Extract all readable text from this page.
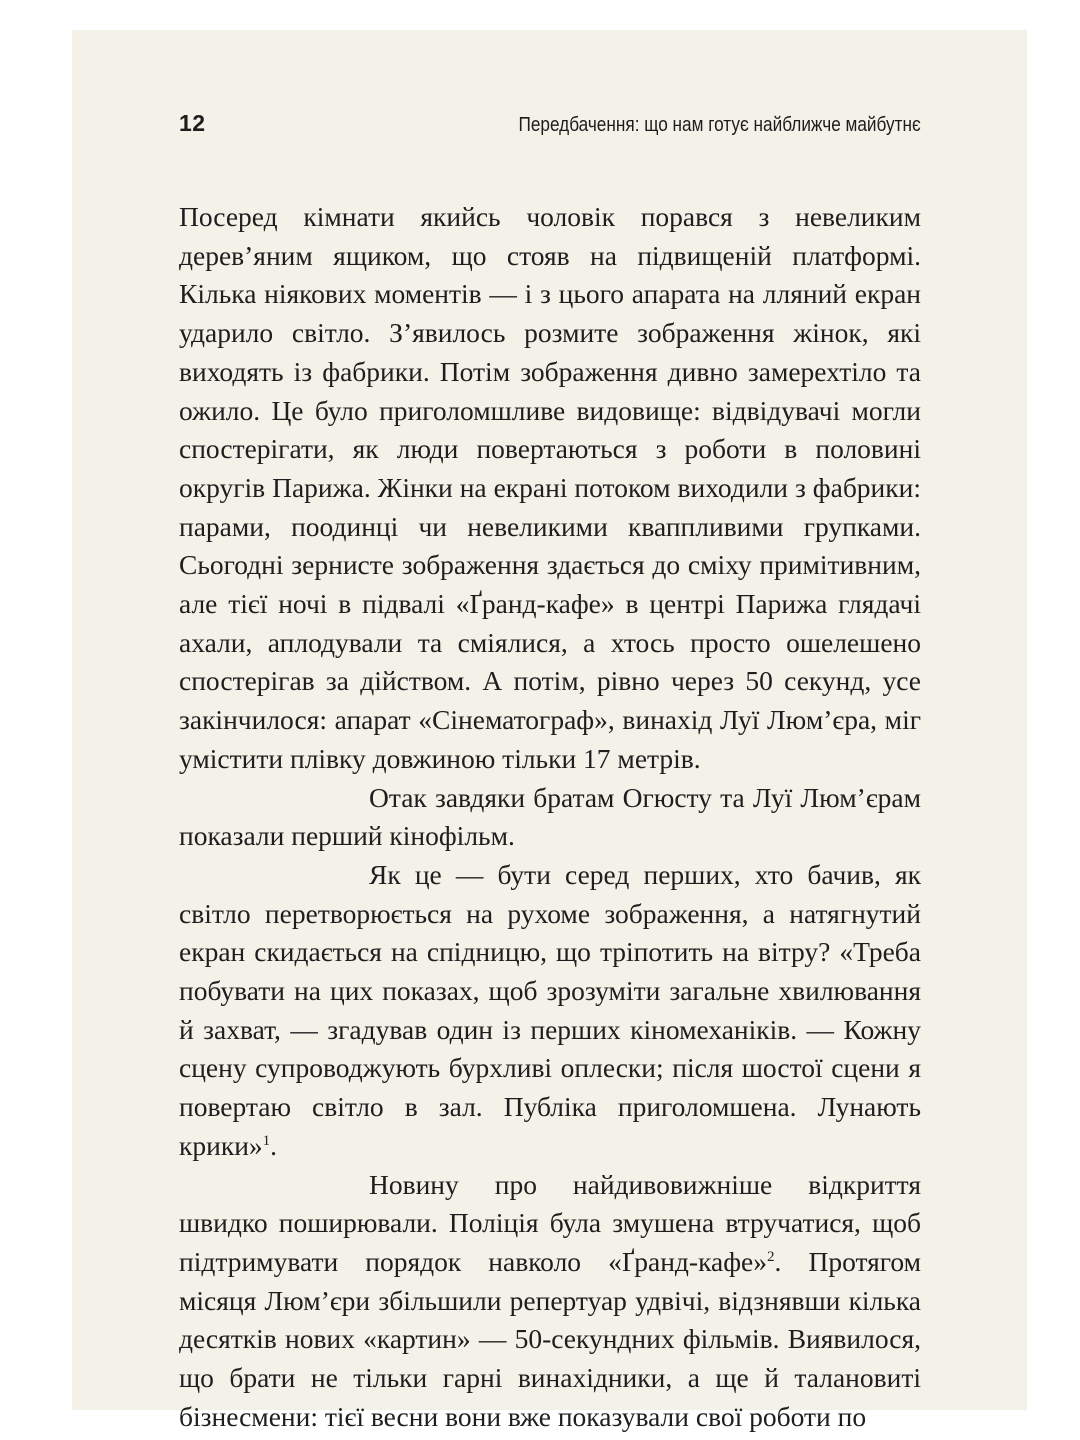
12	Передбачення: що нам готує найближче майбутнє

Посеред кімнати якийсь чоловік порався з невеликим дерев’яним ящиком, що стояв на підвищеній платформі. Кілька ніякових моментів — і з цього апарата на лляний екран ударило світло. З’явилось розмите зображення жінок, які виходять із фабрики. Потім зображення дивно замерехтіло та ожило. Це було приголомшливе видовище: відвідувачі могли спостерігати, як люди повертаються з роботи в половині округів Парижа. Жінки на екрані потоком виходили з фабрики: парами, поодинці чи невеликими кваппливими групками. Сьогодні зернисте зображення здається до сміху примітивним, але тієї ночі в підвалі «Ґранд-кафе» в центрі Парижа глядачі ахали, аплодували та сміялися, а хтось просто ошелешено спостерігав за дійством. А потім, рівно через 50 секунд, усе закінчилося: апарат «Сінематограф», винахід Луї Люм’єра, міг умістити плівку довжиною тільки 17 метрів.

Отак завдяки братам Огюсту та Луї Люм’єрам показали перший кінофільм.

Як це — бути серед перших, хто бачив, як світло перетворюється на рухоме зображення, а натягнутий екран скидається на спідницю, що тріпотить на вітру? «Треба побувати на цих показах, щоб зрозуміти загальне хвилювання й захват, — згадував один із перших кіномеханіків. — Кожну сцену супроводжують бурхливі оплески; після шостої сцени я повертаю світло в зал. Публіка приголомшена. Лунають крики»$^1$.

Новину про найдивовижніше відкриття швидко поширювали. Поліція була змушена втручатися, щоб підтримувати порядок навколо «Ґранд-кафе»$^2$. Протягом місяця Люм’єри збільшили репертуар удвічі, відзнявши кілька десятків нових «картин» — 50-секундних фільмів. Виявилося, що брати не тільки гарні винахідники, а ще й талановиті бізнесмени: тієї весни вони вже показували свої роботи по
